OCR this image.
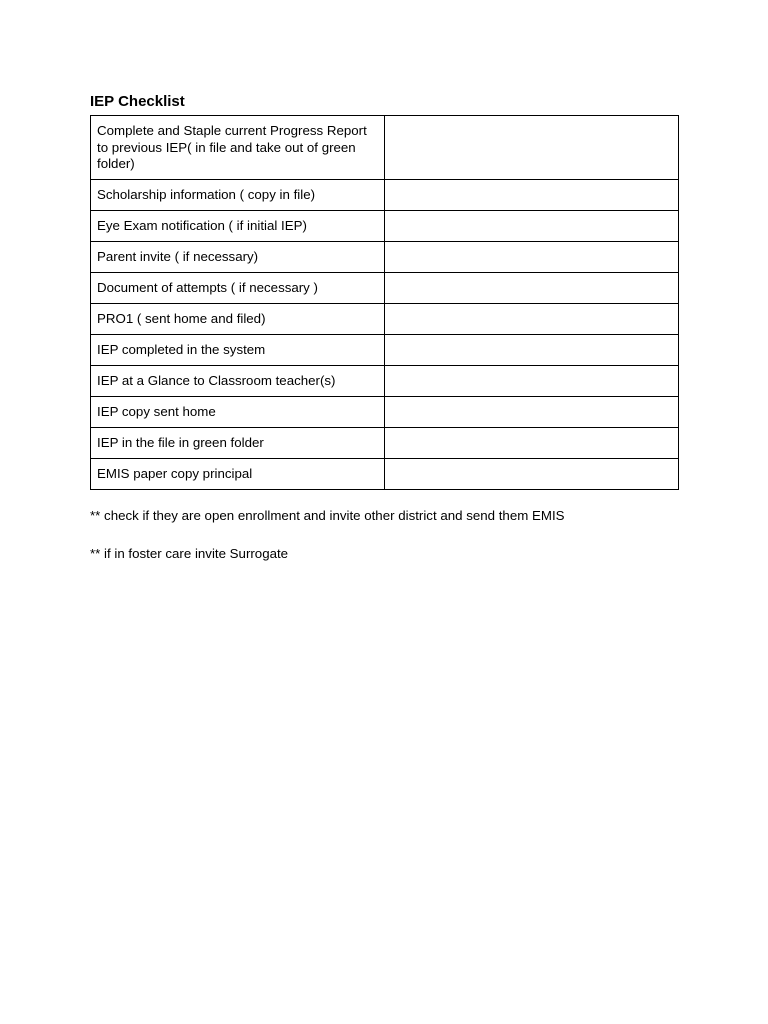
IEP Checklist
Complete and Staple current Progress Report to previous IEP( in file and take out of green folder)	
Scholarship information ( copy in file)	
Eye Exam notification ( if initial IEP)	
Parent invite ( if necessary)	
Document of attempts ( if necessary )	
PRO1 ( sent home and filed)	
IEP completed in the system	
IEP at a Glance to Classroom teacher(s)	
IEP copy sent home	
IEP in the file in green folder	
EMIS paper copy principal	

** check if they are open enrollment and invite other district and send them EMIS

** if in foster care invite Surrogate
